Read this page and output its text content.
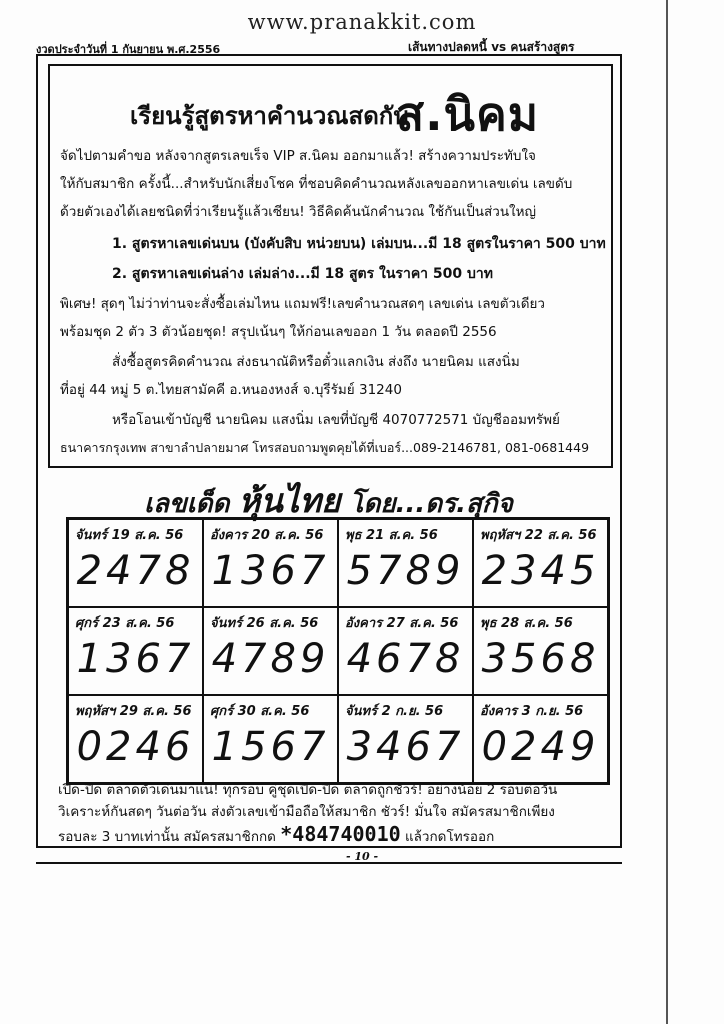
www.pranakkit.com
งวดประจำวันที่ 1 กันยายน พ.ศ.2556	เส้นทางปลดหนี้ vs คนสร้างสูตร
เรียนรู้สูตรหาคำนวณสดกับ
ส.นิคม
จัดไปตามคำขอ หลังจากสูตรเลขเร็จ VIP ส.นิคม ออกมาแล้ว! สร้างความประทับใจ
ให้กับสมาชิก ครั้งนี้...สำหรับนักเสี่ยงโชค ที่ชอบคิดคำนวณหลังเลขออกหาเลขเด่น เลขดับ
ด้วยตัวเองได้เลยชนิดที่ว่าเรียนรู้แล้วเซียน! วิธีคิดค้นนักคำนวณ ใช้กันเป็นส่วนใหญ่
1. สูตรหาเลขเด่นบน (บังคับสิบ หน่วยบน) เล่มบน...มี 18 สูตรในราคา 500 บาท
2. สูตรหาเลขเด่นล่าง เล่มล่าง...มี 18 สูตร ในราคา 500 บาท
พิเศษ! สุดๆ ไม่ว่าท่านจะสั่งซื้อเล่มไหน แถมฟรี!เลขคำนวณสดๆ เลขเด่น เลขตัวเดียว
พร้อมชุด 2 ตัว 3 ตัวน้อยชุด! สรุปเน้นๆ ให้ก่อนเลขออก 1 วัน ตลอดปี 2556
สั่งซื้อสูตรคิดคำนวณ ส่งธนาณัติหรือตั๋วแลกเงิน ส่งถึง นายนิคม แสงนิ่ม
ที่อยู่ 44 หมู่ 5 ต.ไทยสามัคคี อ.หนองหงส์ จ.บุรีรัมย์ 31240
หรือโอนเข้าบัญชี นายนิคม แสงนิ่ม เลขที่บัญชี 4070772571 บัญชีออมทรัพย์
ธนาคารกรุงเทพ สาขาลำปลายมาศ โทรสอบถามพูดคุยได้ที่เบอร์...089-2146781, 081-0681449
เลขเด็ด หุ้นไทย โดย...ดร.สุกิจ
จันทร์ 19 ส.ค. 56
2478
อังคาร 20 ส.ค. 56
1367
พุธ 21 ส.ค. 56
5789
พฤหัสฯ 22 ส.ค. 56
2345
ศุกร์ 23 ส.ค. 56
1367
จันทร์ 26 ส.ค. 56
4789
อังคาร 27 ส.ค. 56
4678
พุธ 28 ส.ค. 56
3568
พฤหัสฯ 29 ส.ค. 56
0246
ศุกร์ 30 ส.ค. 56
1567
จันทร์ 2 ก.ย. 56
3467
อังคาร 3 ก.ย. 56
0249
เปิด-ปิด ตลาดตัวเด่นมาแน่! ทุกรอบ คู่ชุดเปิด-ปิด ตลาดถูกชัวร์! อย่างน้อย 2 รอบต่อวัน
วิเคราะห์กันสดๆ วันต่อวัน ส่งตัวเลขเข้ามือถือให้สมาชิก ชัวร์! มั่นใจ สมัครสมาชิกเพียง
รอบละ 3 บาทเท่านั้น สมัครสมาชิกกด *484740010 แล้วกดโทรออก
- 10 -
